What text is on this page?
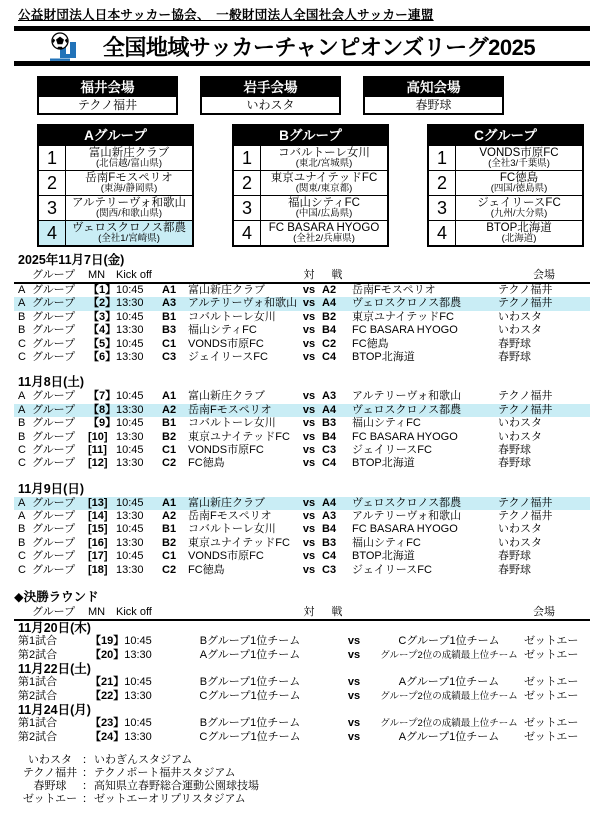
公益財団法人日本サッカー協会、　一般財団法人全国社会人サッカー連盟
全国地域サッカーチャンピオンズリーグ2025
福井会場
テクノ福井
岩手会場
いわスタ
高知会場
春野球
Aグループ
1	富山新庄クラブ
(北信越/富山県)
2	岳南Fモスペリオ
(東海/静岡県)
3	アルテリーヴォ和歌山
(関西/和歌山県)
4	ヴェロスクロノス都農
(全社1/宮崎県)
Bグループ
1	コバルトーレ女川
(東北/宮城県)
2	東京ユナイテッドFC
(関東/東京都)
3	福山シティFC
(中国/広島県)
4	FC BASARA HYOGO
(全社2/兵庫県)
Cグループ
1	VONDS市原FC
(全社3/千葉県)
2	FC徳島
(四国/徳島県)
3	ジェイリースFC
(九州/大分県)
4	BTOP北海道
(北海道)
2025年11月7日(金)
グループ	MN Kick off	対	戦	会場
A グループ	【1】 10:45	A1	富山新庄クラブ	vs A2	岳南Fモスペリオ	テクノ福井
A グループ	【2】 13:30	A3	アルテリーヴォ和歌山 vs A4	ヴェロスクロノス都農	テクノ福井
B グループ	【3】 10:45	B1	コバルトーレ女川	vs B2	東京ユナイテッドFC	いわスタ
B グループ	【4】 13:30	B3	福山シティFC	vs B4	FC BASARA HYOGO	いわスタ
C グループ	【5】 10:45	C1	VONDS市原FC	vs C2	FC徳島	春野球
C グループ	【6】 13:30	C3	ジェイリースFC	vs C4	BTOP北海道	春野球
11月8日(土)
A グループ	【7】 10:45	A1	富山新庄クラブ	vs A3	アルテリーヴォ和歌山	テクノ福井
A グループ	【8】 13:30	A2	岳南Fモスペリオ	vs A4	ヴェロスクロノス都農	テクノ福井
B グループ	【9】 10:45	B1	コバルトーレ女川	vs B3	福山シティFC	いわスタ
B グループ	[10] 13:30	B2	東京ユナイテッドFC	vs B4	FC BASARA HYOGO	いわスタ
C グループ	[11] 10:45	C1	VONDS市原FC	vs C3	ジェイリースFC	春野球
C グループ	[12] 13:30	C2	FC徳島	vs C4	BTOP北海道	春野球
11月9日(日)
A グループ	[13] 10:45	A1	富山新庄クラブ	vs A4	ヴェロスクロノス都農	テクノ福井
A グループ	[14] 13:30	A2	岳南Fモスペリオ	vs A3	アルテリーヴォ和歌山	テクノ福井
B グループ	[15] 10:45	B1	コバルトーレ女川	vs B4	FC BASARA HYOGO	いわスタ
B グループ	[16] 13:30	B2	東京ユナイテッドFC	vs B3	福山シティFC	いわスタ
C グループ	[17] 10:45	C1	VONDS市原FC	vs C4	BTOP北海道	春野球
C グループ	[18] 13:30	C2	FC徳島	vs C3	ジェイリースFC	春野球
◆決勝ラウンド
グループ	MN Kick off	対	戦	会場
11月20日(木)
第1試合	【19】10:45	Bグループ1位チーム	vs	Cグループ1位チーム	ゼットエー
第2試合	【20】13:30	Aグループ1位チーム	vs	グループ2位の成績最上位チーム ゼットエー
11月22日(土)
第1試合	【21】10:45	Bグループ1位チーム	vs	Aグループ1位チーム	ゼットエー
第2試合	【22】13:30	Cグループ1位チーム	vs	グループ2位の成績最上位チーム ゼットエー
11月24日(月)
第1試合	【23】10:45	Bグループ1位チーム	vs	グループ2位の成績最上位チーム ゼットエー
第2試合	【24】13:30	Cグループ1位チーム	vs	Aグループ1位チーム	ゼットエー
いわスタ ： いわぎんスタジアム
テクノ福井 ： テクノポート福井スタジアム
春野球	： 高知県立春野総合運動公園球技場
ゼットエー ： ゼットエーオリプリスタジアム
